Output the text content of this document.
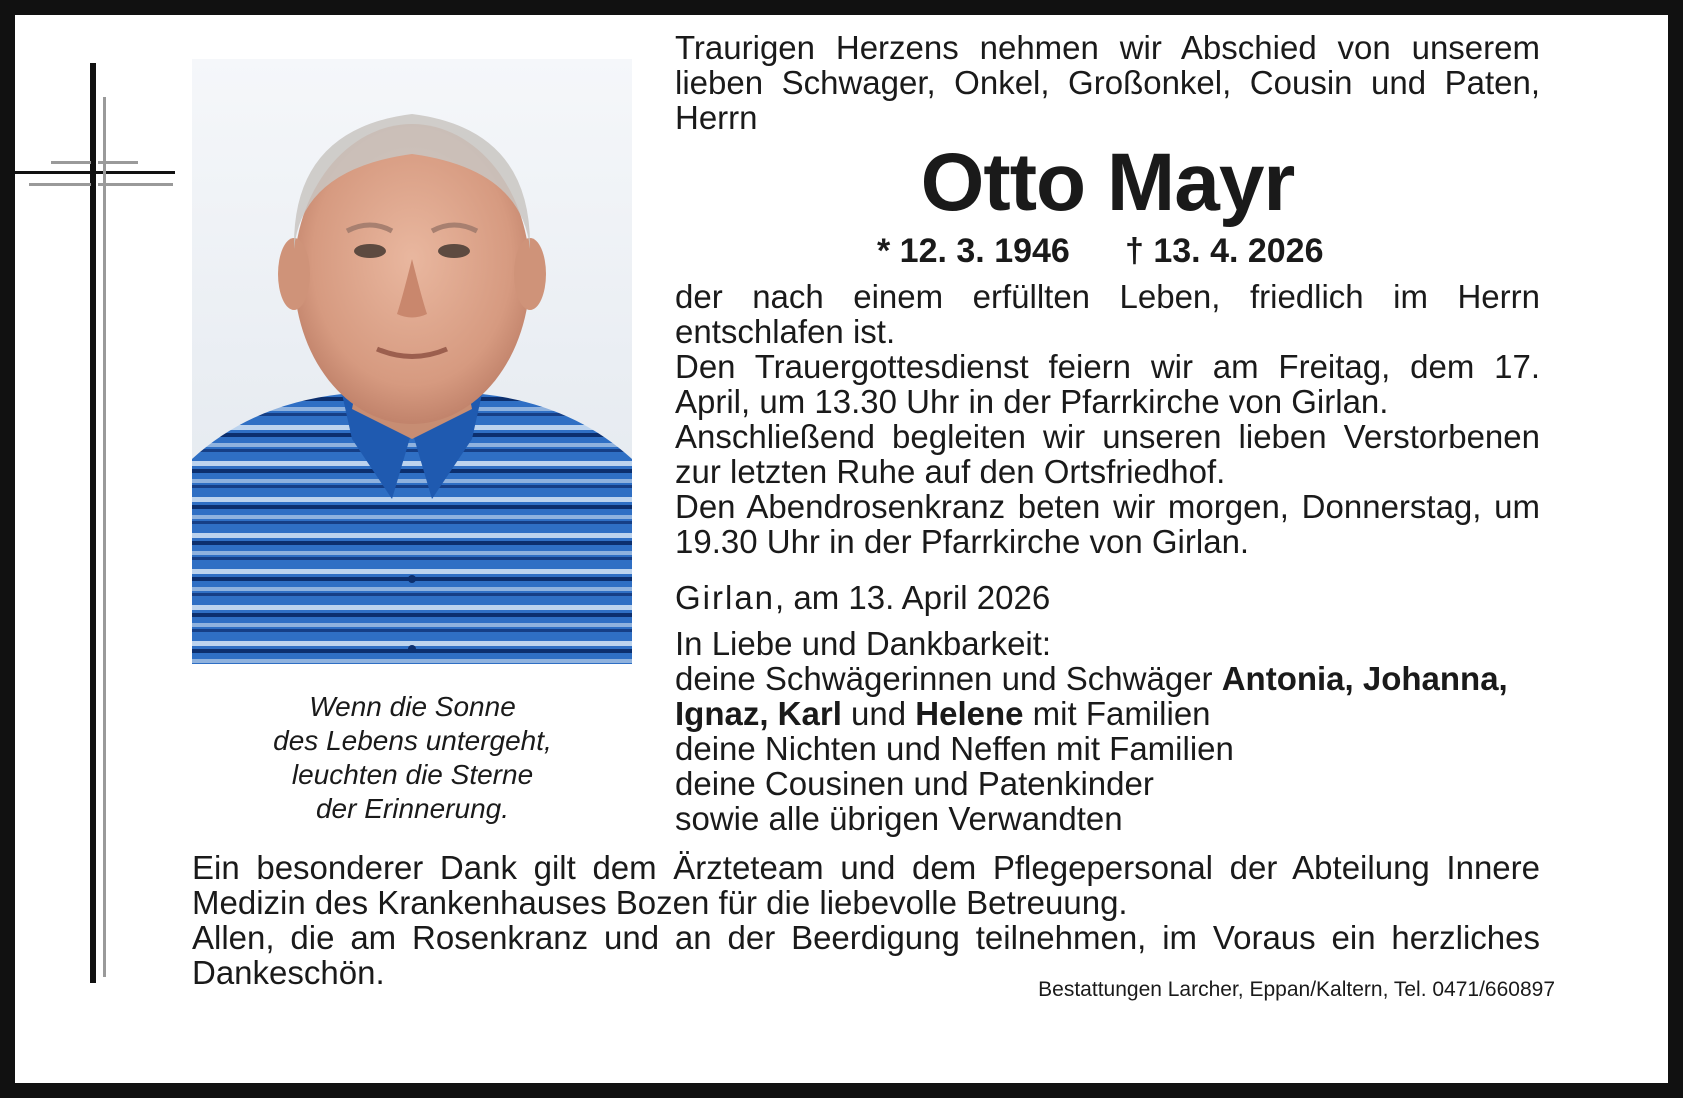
Wenn die Sonne
des Lebens untergeht,
leuchten die Sterne
der Erinnerung.
Traurigen Herzens nehmen wir Abschied von unserem lieben Schwager, Onkel, Großonkel, Cousin und Paten, Herrn
Otto Mayr
* 12. 3. 1946 † 13. 4. 2026
der nach einem erfüllten Leben, friedlich im Herrn entschlafen ist.
Den Trauergottesdienst feiern wir am Freitag, dem 17. April, um 13.30 Uhr in der Pfarrkirche von Girlan.
Anschließend begleiten wir unseren lieben Verstorbenen zur letzten Ruhe auf den Ortsfriedhof.
Den Abendrosenkranz beten wir morgen, Donnerstag, um 19.30 Uhr in der Pfarrkirche von Girlan.
Girlan, am 13. April 2026
In Liebe und Dankbarkeit:
deine Schwägerinnen und Schwäger Antonia, Johanna, Ignaz, Karl und Helene mit Familien
deine Nichten und Neffen mit Familien
deine Cousinen und Patenkinder
sowie alle übrigen Verwandten
Ein besonderer Dank gilt dem Ärzteteam und dem Pflegepersonal der Abteilung Innere Medizin des Krankenhauses Bozen für die liebevolle Betreuung.
Allen, die am Rosenkranz und an der Beerdigung teilnehmen, im Voraus ein herzliches Dankeschön.	Bestattungen Larcher, Eppan/Kaltern, Tel. 0471/660897
